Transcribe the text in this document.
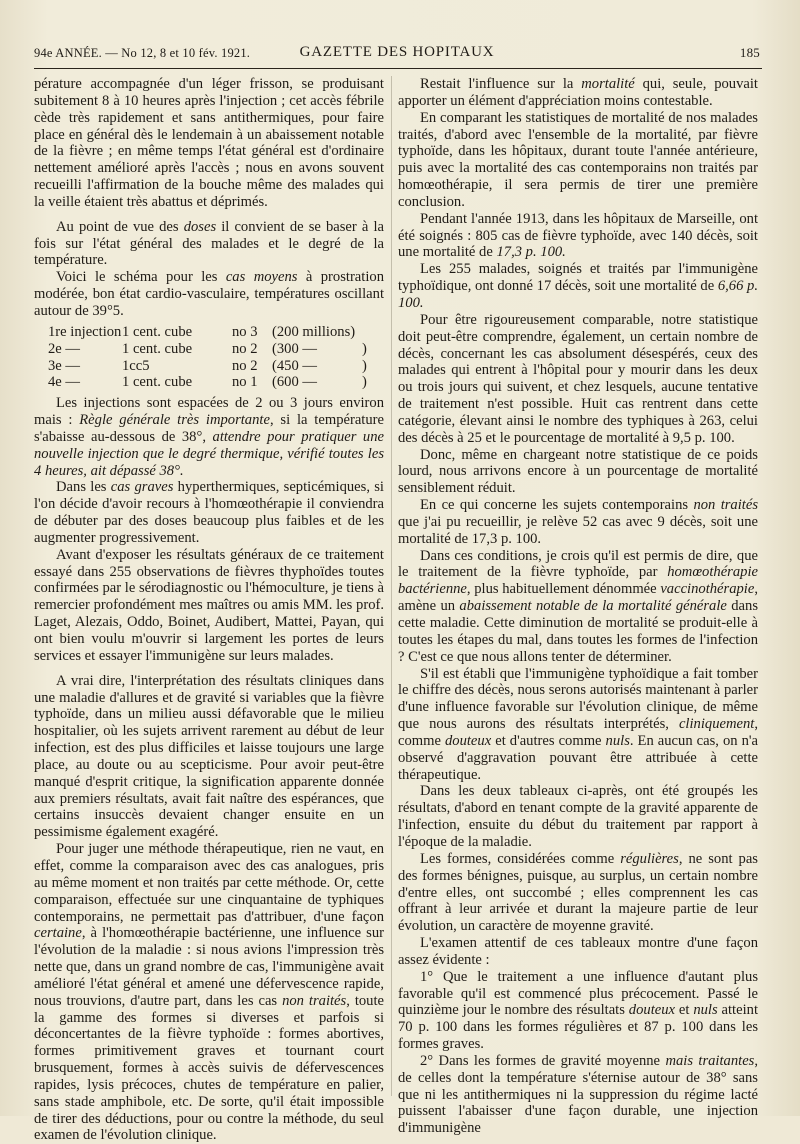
94e ANNÉE. — No 12, 8 et 10 fév. 1921.	GAZETTE DES HOPITAUX	185

pérature accompagnée d'un léger frisson, se produisant subitement 8 à 10 heures après l'injection ; cet accès fébrile cède très rapidement et sans antithermiques, pour faire place en général dès le lendemain à un abaissement notable de la fièvre ; en même temps l'état général est d'ordinaire nettement amélioré après l'accès ; nous en avons souvent recueilli l'affirmation de la bouche même des malades qui la veille étaient très abattus et déprimés.

Au point de vue des doses il convient de se baser à la fois sur l'état général des malades et le degré de la température.

Voici le schéma pour les cas moyens à prostration modérée, bon état cardio-vasculaire, températures oscillant autour de 39°5.

1re injection 1 cent. cube	no 3 (200 millions)
2e —	1 cent. cube	no 2 (300 —	)
3e —	1cc5	no 2 (450 —	)
4e —	1 cent. cube	no 1 (600 —	)

Les injections sont espacées de 2 ou 3 jours environ mais : Règle générale très importante, si la température s'abaisse au-dessous de 38°, attendre pour pratiquer une nouvelle injection que le degré thermique, vérifié toutes les 4 heures, ait dépassé 38°.

Dans les cas graves hyperthermiques, septicémiques, si l'on décide d'avoir recours à l'homœothérapie il conviendra de débuter par des doses beaucoup plus faibles et de les augmenter progressivement.

Avant d'exposer les résultats généraux de ce traitement essayé dans 255 observations de fièvres thyphoïdes toutes confirmées par le sérodiagnostic ou l'hémoculture, je tiens à remercier profondément mes maîtres ou amis MM. les prof. Laget, Alezais, Oddo, Boinet, Audibert, Mattei, Payan, qui ont bien voulu m'ouvrir si largement les portes de leurs services et essayer l'immunigène sur leurs malades.

A vrai dire, l'interprétation des résultats cliniques dans une maladie d'allures et de gravité si variables que la fièvre typhoïde, dans un milieu aussi défavorable que le milieu hospitalier, où les sujets arrivent rarement au début de leur infection, est des plus difficiles et laisse toujours une large place, au doute ou au scepticisme. Pour avoir peut-être manqué d'esprit critique, la signification apparente donnée aux premiers résultats, avait fait naître des espérances, que certains insuccès devaient changer ensuite en un pessimisme également exagéré.

Pour juger une méthode thérapeutique, rien ne vaut, en effet, comme la comparaison avec des cas analogues, pris au même moment et non traités par cette méthode. Or, cette comparaison, effectuée sur une cinquantaine de typhiques contemporains, ne permettait pas d'attribuer, d'une façon certaine, à l'homœothérapie bactérienne, une influence sur l'évolution de la maladie : si nous avions l'impression très nette que, dans un grand nombre de cas, l'immunigène avait amélioré l'état général et amené une défervescence rapide, nous trouvions, d'autre part, dans les cas non traités, toute la gamme des formes si diverses et parfois si déconcertantes de la fièvre typhoïde : formes abortives, formes primitivement graves et tournant court brusquement, formes à accès suivis de défervescences rapides, lysis précoces, chutes de température en palier, sans stade amphibole, etc. De sorte, qu'il était impossible de tirer des déductions, pour ou contre la méthode, du seul examen de l'évolution clinique.

Restait l'influence sur la mortalité qui, seule, pouvait apporter un élément d'appréciation moins contestable.

En comparant les statistiques de mortalité de nos malades traités, d'abord avec l'ensemble de la mortalité, par fièvre typhoïde, dans les hôpitaux, durant toute l'année antérieure, puis avec la mortalité des cas contemporains non traités par homœothérapie, il sera permis de tirer une première conclusion.

Pendant l'année 1913, dans les hôpitaux de Marseille, ont été soignés : 805 cas de fièvre typhoïde, avec 140 décès, soit une mortalité de 17,3 p. 100.

Les 255 malades, soignés et traités par l'immunigène typhoïdique, ont donné 17 décès, soit une mortalité de 6,66 p. 100.

Pour être rigoureusement comparable, notre statistique doit peut-être comprendre, également, un certain nombre de décès, concernant les cas absolument désespérés, ceux des malades qui entrent à l'hôpital pour y mourir dans les deux ou trois jours qui suivent, et chez lesquels, aucune tentative de traitement n'est possible. Huit cas rentrent dans cette catégorie, élevant ainsi le nombre des typhiques à 263, celui des décès à 25 et le pourcentage de mortalité à 9,5 p. 100.

Donc, même en chargeant notre statistique de ce poids lourd, nous arrivons encore à un pourcentage de mortalité sensiblement réduit.

En ce qui concerne les sujets contemporains non traités que j'ai pu recueillir, je relève 52 cas avec 9 décès, soit une mortalité de 17,3 p. 100.

Dans ces conditions, je crois qu'il est permis de dire, que le traitement de la fièvre typhoïde, par homœothérapie bactérienne, plus habituellement dénommée vaccinothérapie, amène un abaissement notable de la mortalité générale dans cette maladie. Cette diminution de mortalité se produit-elle à toutes les étapes du mal, dans toutes les formes de l'infection ? C'est ce que nous allons tenter de déterminer.

S'il est établi que l'immunigène typhoïdique a fait tomber le chiffre des décès, nous serons autorisés maintenant à parler d'une influence favorable sur l'évolution clinique, de même que nous aurons des résultats interprétés, cliniquement, comme douteux et d'autres comme nuls. En aucun cas, on n'a observé d'aggravation pouvant être attribuée à cette thérapeutique.

Dans les deux tableaux ci-après, ont été groupés les résultats, d'abord en tenant compte de la gravité apparente de l'infection, ensuite du début du traitement par rapport à l'époque de la maladie.

Les formes, considérées comme régulières, ne sont pas des formes bénignes, puisque, au surplus, un certain nombre d'entre elles, ont succombé ; elles comprennent les cas offrant à leur arrivée et durant la majeure partie de leur évolution, un caractère de moyenne gravité.

L'examen attentif de ces tableaux montre d'une façon assez évidente :

1° Que le traitement a une influence d'autant plus favorable qu'il est commencé plus précocement. Passé le quinzième jour le nombre des résultats douteux et nuls atteint 70 p. 100 dans les formes régulières et 87 p. 100 dans les formes graves.

2° Dans les formes de gravité moyenne mais traitantes, de celles dont la température s'éternise autour de 38° sans que ni les antithermiques ni la suppression du régime lacté puissent l'abaisser d'une façon durable, une injection d'immunigène
